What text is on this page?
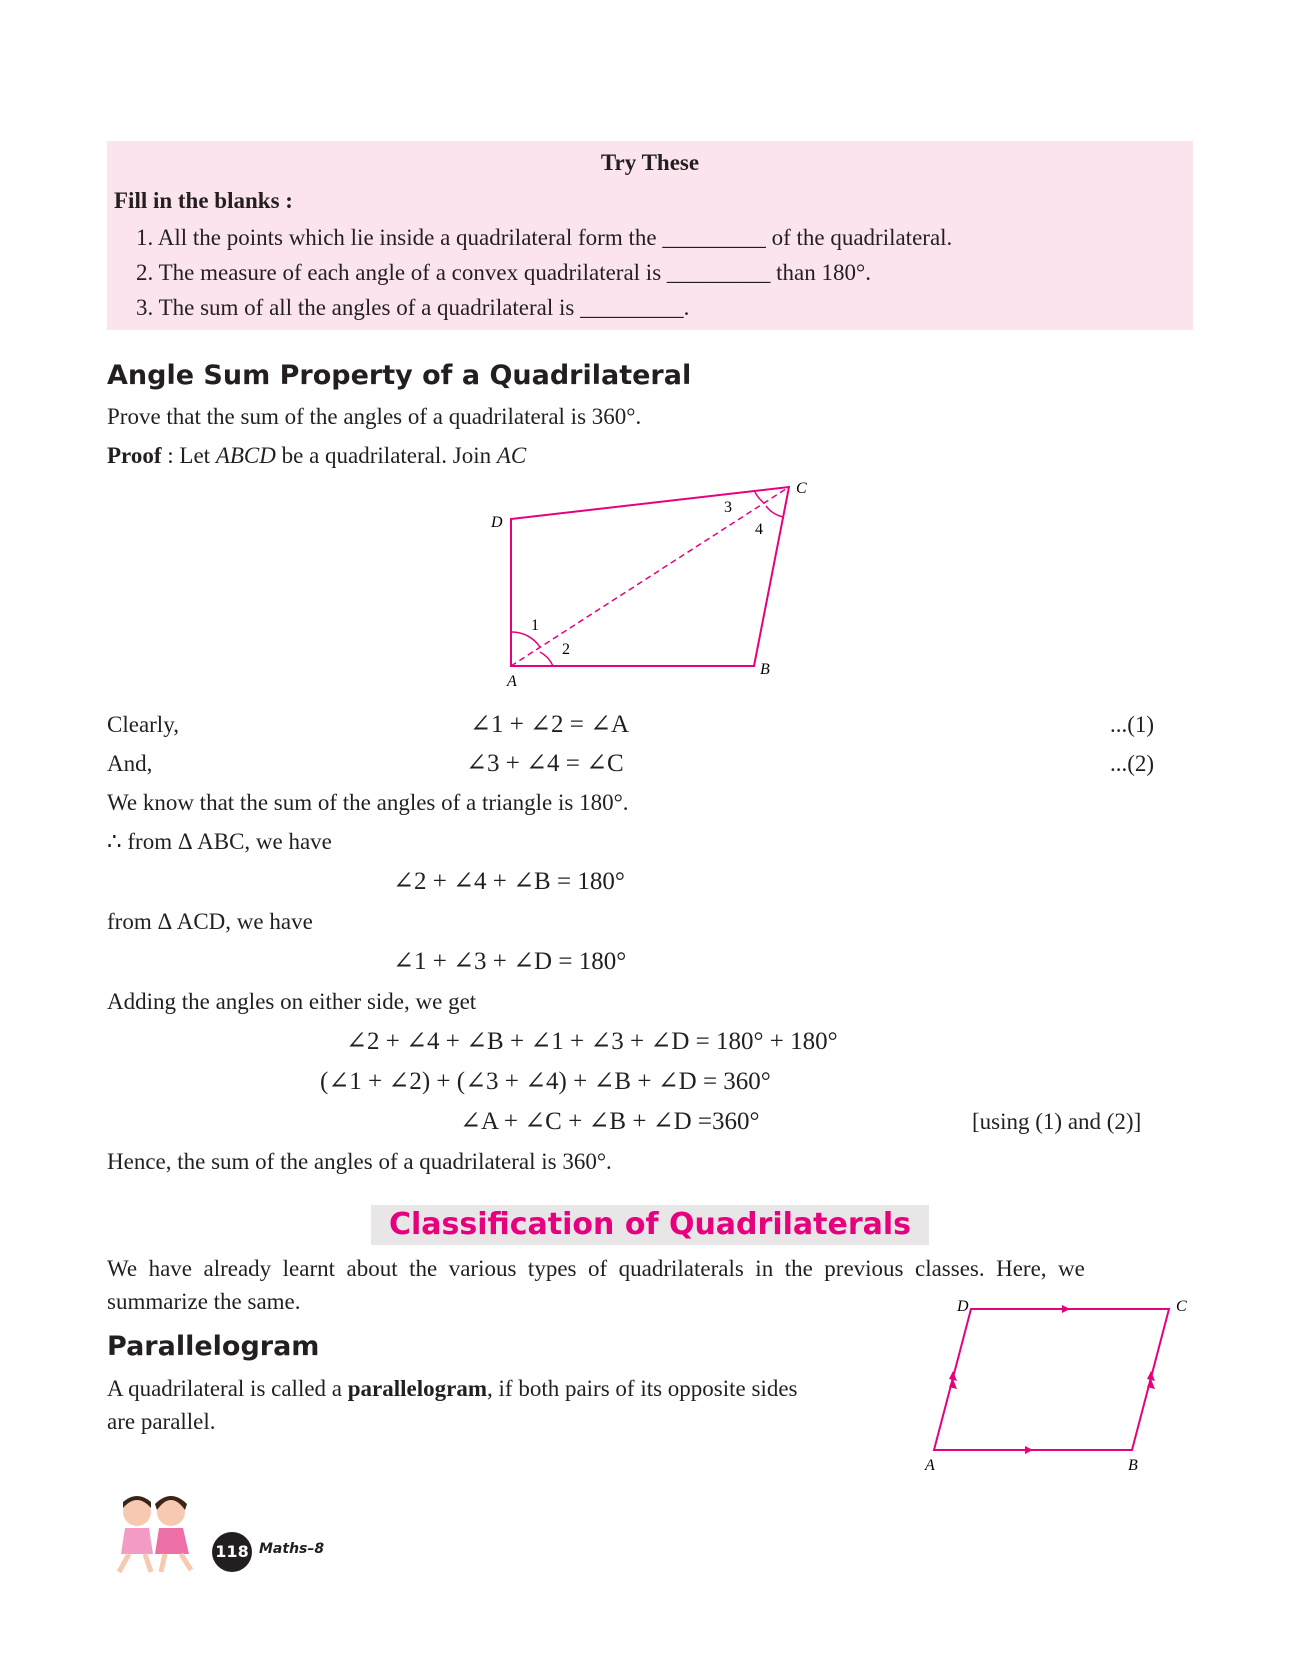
Try These
Fill in the blanks :
1. All the points which lie inside a quadrilateral form the _________ of the quadrilateral.
2. The measure of each angle of a convex quadrilateral is _________ than 180°.
3. The sum of all the angles of a quadrilateral is _________.
Angle Sum Property of a Quadrilateral
Prove that the sum of the angles of a quadrilateral is 360°.
Proof : Let ABCD be a quadrilateral. Join AC
A
B
C
D
1
2
3
4
Clearly,	∠1 + ∠2 = ∠A	...(1)
And,	∠3 + ∠4 = ∠C	...(2)
We know that the sum of the angles of a triangle is 180°.
∴ from Δ ABC, we have
∠2 + ∠4 + ∠B = 180°
from Δ ACD, we have
∠1 + ∠3 + ∠D = 180°
Adding the angles on either side, we get
∠2 + ∠4 + ∠B + ∠1 + ∠3 + ∠D = 180° + 180°
(∠1 + ∠2) + (∠3 + ∠4) + ∠B + ∠D = 360°
∠A + ∠C + ∠B + ∠D =360°	[using (1) and (2)]
Hence, the sum of the angles of a quadrilateral is 360°.
Classification of Quadrilaterals
We  have  already  learnt  about  the  various  types  of  quadrilaterals  in  the  previous  classes.  Here,  we
summarize the same.
Parallelogram
A quadrilateral is called a parallelogram, if both pairs of its opposite sides
are parallel.
A	B
C
D
118 Maths–8
